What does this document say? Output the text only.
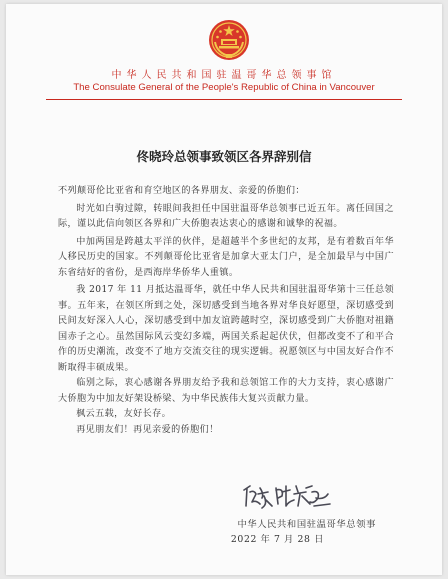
中华人民共和国驻温哥华总领事馆
The Consulate General of the People's Republic of China in Vancouver
佟晓玲总领事致领区各界辞别信

不列颠哥伦比亚省和育空地区的各界朋友、亲爱的侨胞们：

时光如白驹过隙，转眼间我担任中国驻温哥华总领事已近五年。离任回国之际，谨以此信向领区各界和广大侨胞表达衷心的感谢和诚挚的祝福。

中加两国是跨越太平洋的伙伴，是超越半个多世纪的友邦，是有着数百年华人移民历史的国家。不列颠哥伦比亚省是加拿大亚太门户，是全加最早与中国广东省结好的省份，是西海岸华侨华人重镇。

我 2017 年 11 月抵达温哥华，就任中华人民共和国驻温哥华第十三任总领事。五年来，在领区所到之处，深切感受到当地各界对华良好愿望，深切感受到民间友好深入人心，深切感受到中加友谊跨越时空，深切感受到广大侨胞对祖籍国赤子之心。虽然国际风云变幻多端，两国关系起起伏伏，但都改变不了和平合作的历史潮流，改变不了地方交流交往的现实逻辑。祝愿领区与中国友好合作不断取得丰硕成果。

临别之际，衷心感谢各界朋友给予我和总领馆工作的大力支持，衷心感谢广大侨胞为中加友好架设桥梁、为中华民族伟大复兴贡献力量。

枫云五载，友好长存。

再见朋友们！再见亲爱的侨胞们！

中华人民共和国驻温哥华总领事
2022 年 7 月 28 日
